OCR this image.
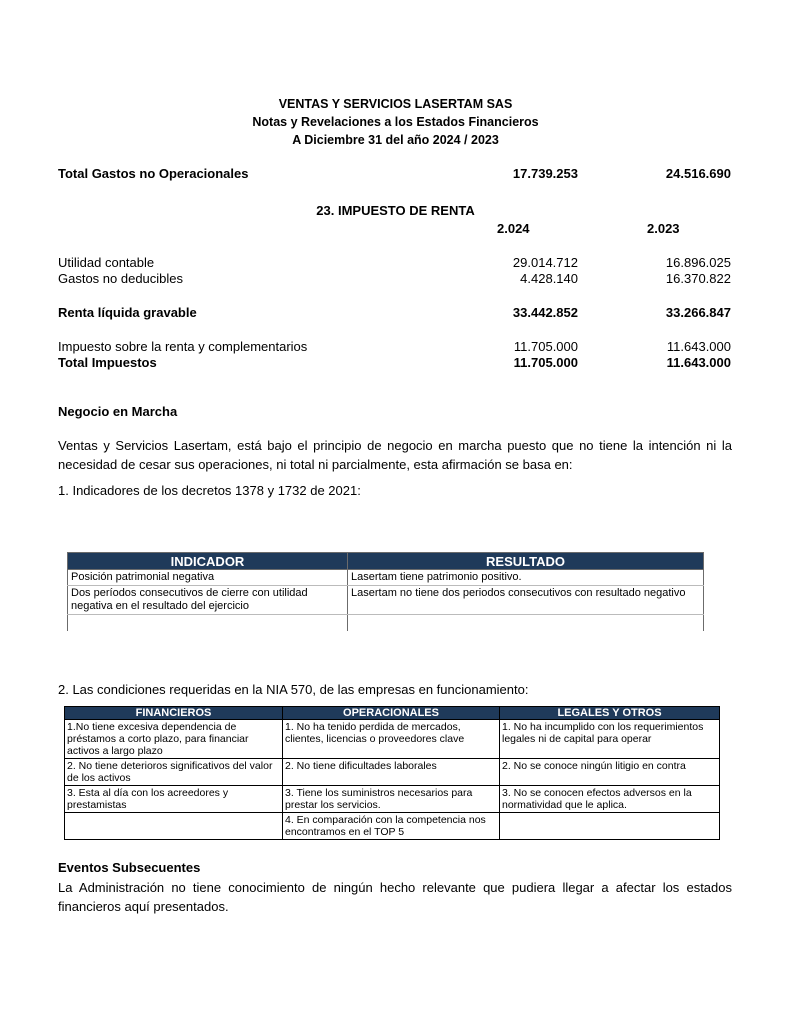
VENTAS Y SERVICIOS LASERTAM SAS
Notas y Revelaciones a los Estados Financieros
A Diciembre 31 del año 2024 / 2023
Total Gastos no Operacionales	17.739.253	24.516.690
23. IMPUESTO DE RENTA
2.024	2.023
Utilidad contable	29.014.712	16.896.025
Gastos no deducibles	4.428.140	16.370.822
Renta líquida gravable	33.442.852	33.266.847
Impuesto sobre la renta y complementarios	11.705.000	11.643.000
Total Impuestos	11.705.000	11.643.000
Negocio en Marcha
Ventas y Servicios Lasertam, está bajo el principio de negocio en marcha puesto que no tiene la intención ni la necesidad de cesar sus operaciones, ni total ni parcialmente, esta afirmación se basa en:
1. Indicadores de los decretos 1378 y 1732 de 2021:
INDICADOR	RESULTADO
Posición patrimonial negativa	Lasertam tiene patrimonio positivo.
Dos períodos consecutivos de cierre con utilidad negativa en el resultado del ejercicio	Lasertam no tiene dos periodos consecutivos con resultado negativo

2. Las condiciones requeridas en la NIA 570, de las empresas en funcionamiento:
FINANCIEROS	OPERACIONALES	LEGALES Y OTROS
1.No tiene excesiva dependencia de préstamos a corto plazo, para financiar activos a largo plazo	1. No ha tenido perdida de mercados, clientes, licencias o proveedores clave	1. No ha incumplido con los requerimientos legales ni de capital para operar
2. No tiene deterioros significativos del valor de los activos	2. No tiene dificultades laborales	2. No se conoce ningún litigio en contra
3. Esta al día con los acreedores y prestamistas	3. Tiene los suministros necesarios para prestar los servicios.	3. No se conocen efectos adversos en la normatividad que le aplica.
	4. En comparación con la competencia nos encontramos en el TOP 5	
Eventos Subsecuentes
La Administración no tiene conocimiento de ningún hecho relevante que pudiera llegar a afectar los estados financieros aquí presentados.
